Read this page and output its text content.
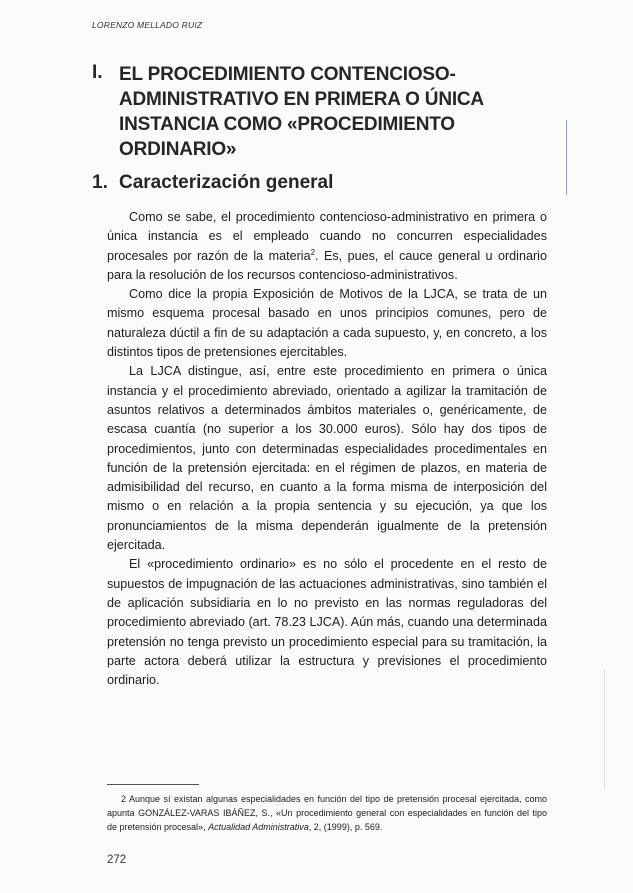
LORENZO MELLADO RUIZ
I. EL PROCEDIMIENTO CONTENCIOSO-ADMINISTRATIVO EN PRIMERA O ÚNICA INSTANCIA COMO «PROCEDIMIENTO ORDINARIO»
1. Caracterización general

Como se sabe, el procedimiento contencioso-administrativo en primera o única instancia es el empleado cuando no concurren especialidades procesales por razón de la materia$^2$. Es, pues, el cauce general u ordinario para la resolución de los recursos contencioso-administrativos.

Como dice la propia Exposición de Motivos de la LJCA, se trata de un mismo esquema procesal basado en unos principios comunes, pero de naturaleza dúctil a fin de su adaptación a cada supuesto, y, en concreto, a los distintos tipos de pretensiones ejercitables.

La LJCA distingue, así, entre este procedimiento en primera o única instancia y el procedimiento abreviado, orientado a agilizar la tramitación de asuntos relativos a determinados ámbitos materiales o, genéricamente, de escasa cuantía (no superior a los 30.000 euros). Sólo hay dos tipos de procedimientos, junto con determinadas especialidades procedimentales en función de la pretensión ejercitada: en el régimen de plazos, en materia de admisibilidad del recurso, en cuanto a la forma misma de interposición del mismo o en relación a la propia sentencia y su ejecución, ya que los pronunciamientos de la misma dependerán igualmente de la pretensión ejercitada.

El «procedimiento ordinario» es no sólo el procedente en el resto de supuestos de impugnación de las actuaciones administrativas, sino también el de aplicación subsidiaria en lo no previsto en las normas reguladoras del procedimiento abreviado (art. 78.23 LJCA). Aún más, cuando una determinada pretensión no tenga previsto un procedimiento especial para su tramitación, la parte actora deberá utilizar la estructura y previsiones el procedimiento ordinario.

2 Aunque sí existan algunas especialidades en función del tipo de pretensión procesal ejercitada, como apunta GONZÁLEZ-VARAS IBÁÑEZ, S., «Un procedimiento general con especialidades en función del tipo de pretensión procesal», Actualidad Administrativa, 2, (1999), p. 569.
272
